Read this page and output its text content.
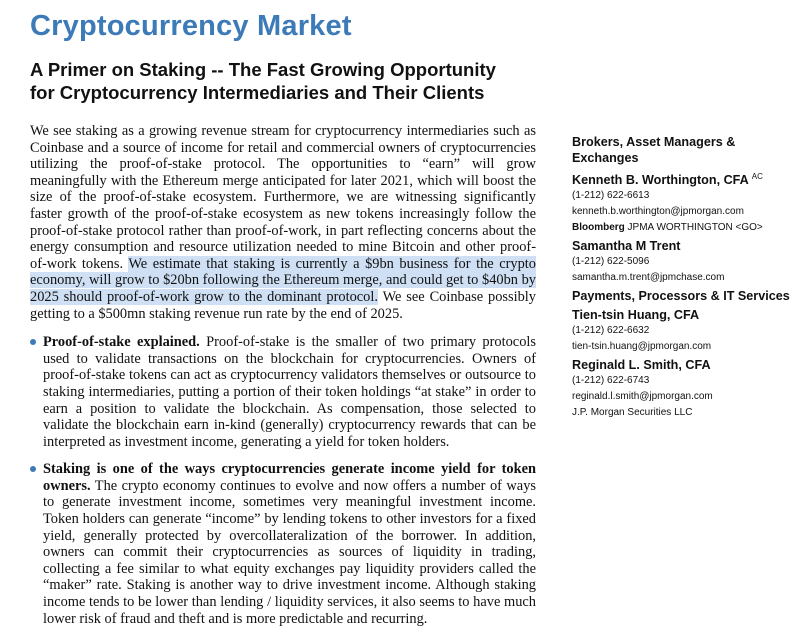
Cryptocurrency Market
A Primer on Staking -- The Fast Growing Opportunity
for Cryptocurrency Intermediaries and Their Clients

We see staking as a growing revenue stream for cryptocurrency intermediaries such as Coinbase and a source of income for retail and commercial owners of cryptocurrencies utilizing the proof-of-stake protocol. The opportunities to “earn” will grow meaningfully with the Ethereum merge anticipated for later 2021, which will boost the size of the proof-of-stake ecosystem. Furthermore, we are witnessing significantly faster growth of the proof-of-stake ecosystem as new tokens increasingly follow the proof-of-stake protocol rather than proof-of-work, in part reflecting concerns about the energy consumption and resource utilization needed to mine Bitcoin and other proof-of-work tokens. We estimate that staking is currently a $9bn business for the crypto economy, will grow to $20bn following the Ethereum merge, and could get to $40bn by 2025 should proof-of-work grow to the dominant protocol. We see Coinbase possibly getting to a $500mn staking revenue run rate by the end of 2025.

Proof-of-stake explained. Proof-of-stake is the smaller of two primary protocols used to validate transactions on the blockchain for cryptocurrencies. Owners of proof-of-stake tokens can act as cryptocurrency validators themselves or outsource to staking intermediaries, putting a portion of their token holdings “at stake” in order to earn a position to validate the blockchain. As compensation, those selected to validate the blockchain earn in-kind (generally) cryptocurrency rewards that can be interpreted as investment income, generating a yield for token holders.
Staking is one of the ways cryptocurrencies generate income yield for token owners. The crypto economy continues to evolve and now offers a number of ways to generate investment income, sometimes very meaningful investment income. Token holders can generate “income” by lending tokens to other investors for a fixed yield, generally protected by overcollateralization of the borrower. In addition, owners can commit their cryptocurrencies as sources of liquidity in trading, collecting a fee similar to what equity exchanges pay liquidity providers called the “maker” rate. Staking is another way to drive investment income. Although staking income tends to be lower than lending / liquidity services, it also seems to have much lower risk of fraud and theft and is more predictable and recurring.
Brokers, Asset Managers & Exchanges
Kenneth B. Worthington, CFA $^{AC}$
(1-212) 622-6613
kenneth.b.worthington@jpmorgan.com
Bloomberg JPMA WORTHINGTON <GO>
Samantha M Trent
(1-212) 622-5096
samantha.m.trent@jpmchase.com
Payments, Processors & IT Services
Tien-tsin Huang, CFA
(1-212) 622-6632
tien-tsin.huang@jpmorgan.com
Reginald L. Smith, CFA
(1-212) 622-6743
reginald.l.smith@jpmorgan.com
J.P. Morgan Securities LLC
